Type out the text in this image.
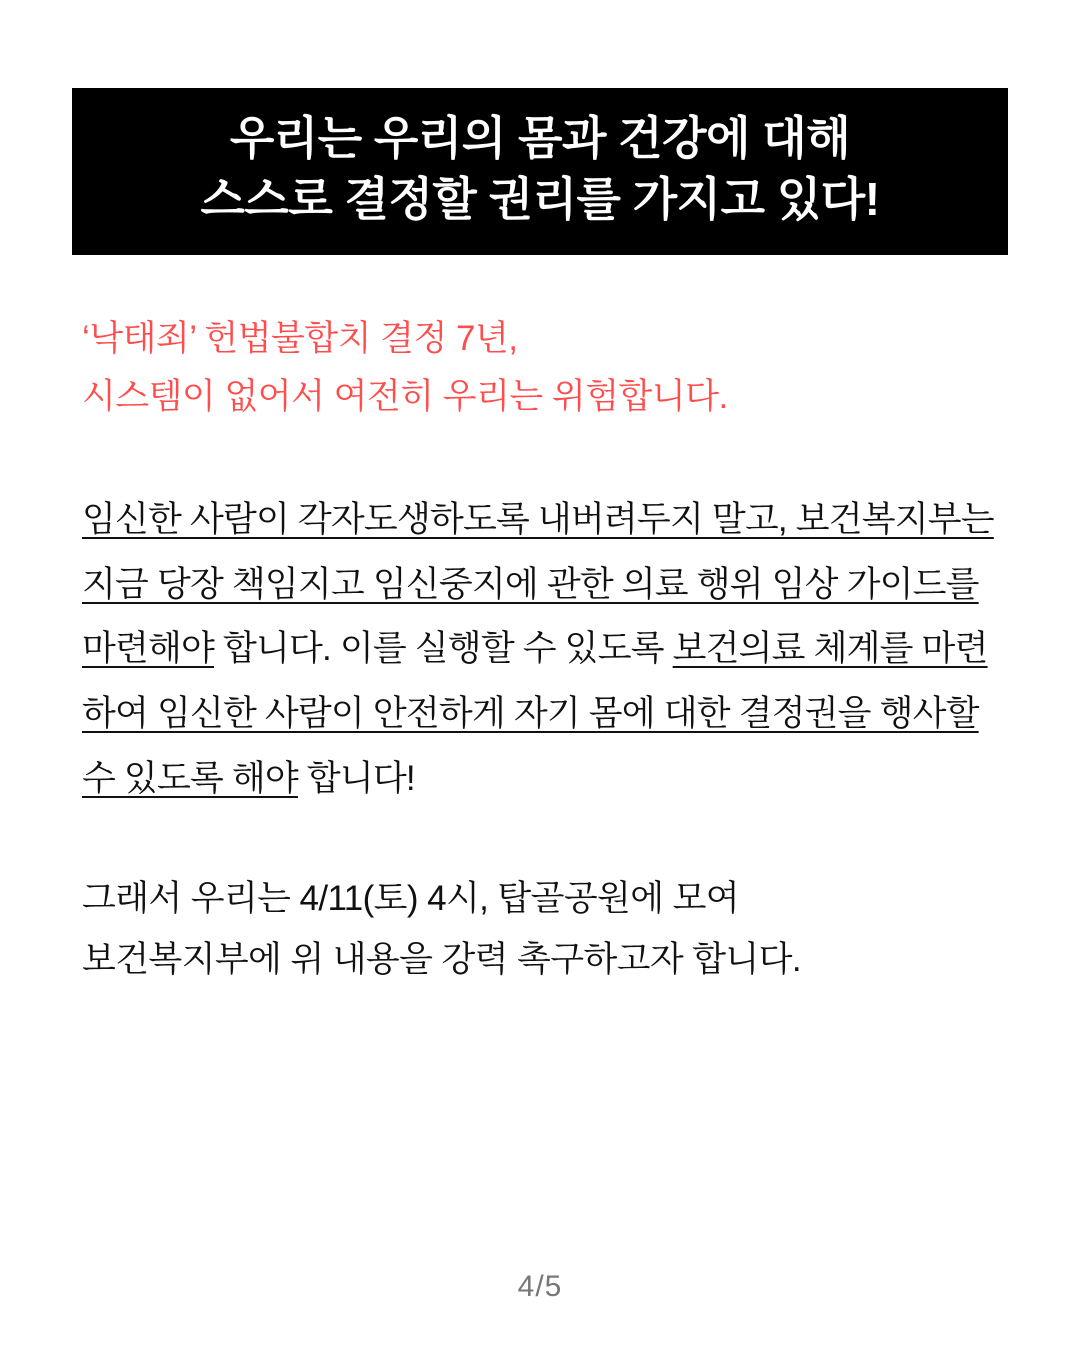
우리는 우리의 몸과 건강에 대해
스스로 결정할 권리를 가지고 있다!
‘낙태죄’ 헌법불합치 결정 7년,
시스템이 없어서 여전히 우리는 위험합니다.
임신한 사람이 각자도생하도록 내버려두지 말고, 보건복지부는 지금 당장 책임지고 임신중지에 관한 의료 행위 임상 가이드를 마련해야 합니다. 이를 실행할 수 있도록 보건의료 체계를 마련하여 임신한 사람이 안전하게 자기 몸에 대한 결정권을 행사할 수 있도록 해야 합니다!
그래서 우리는 4/11(토) 4시, 탑골공원에 모여
보건복지부에 위 내용을 강력 촉구하고자 합니다.
4/5
